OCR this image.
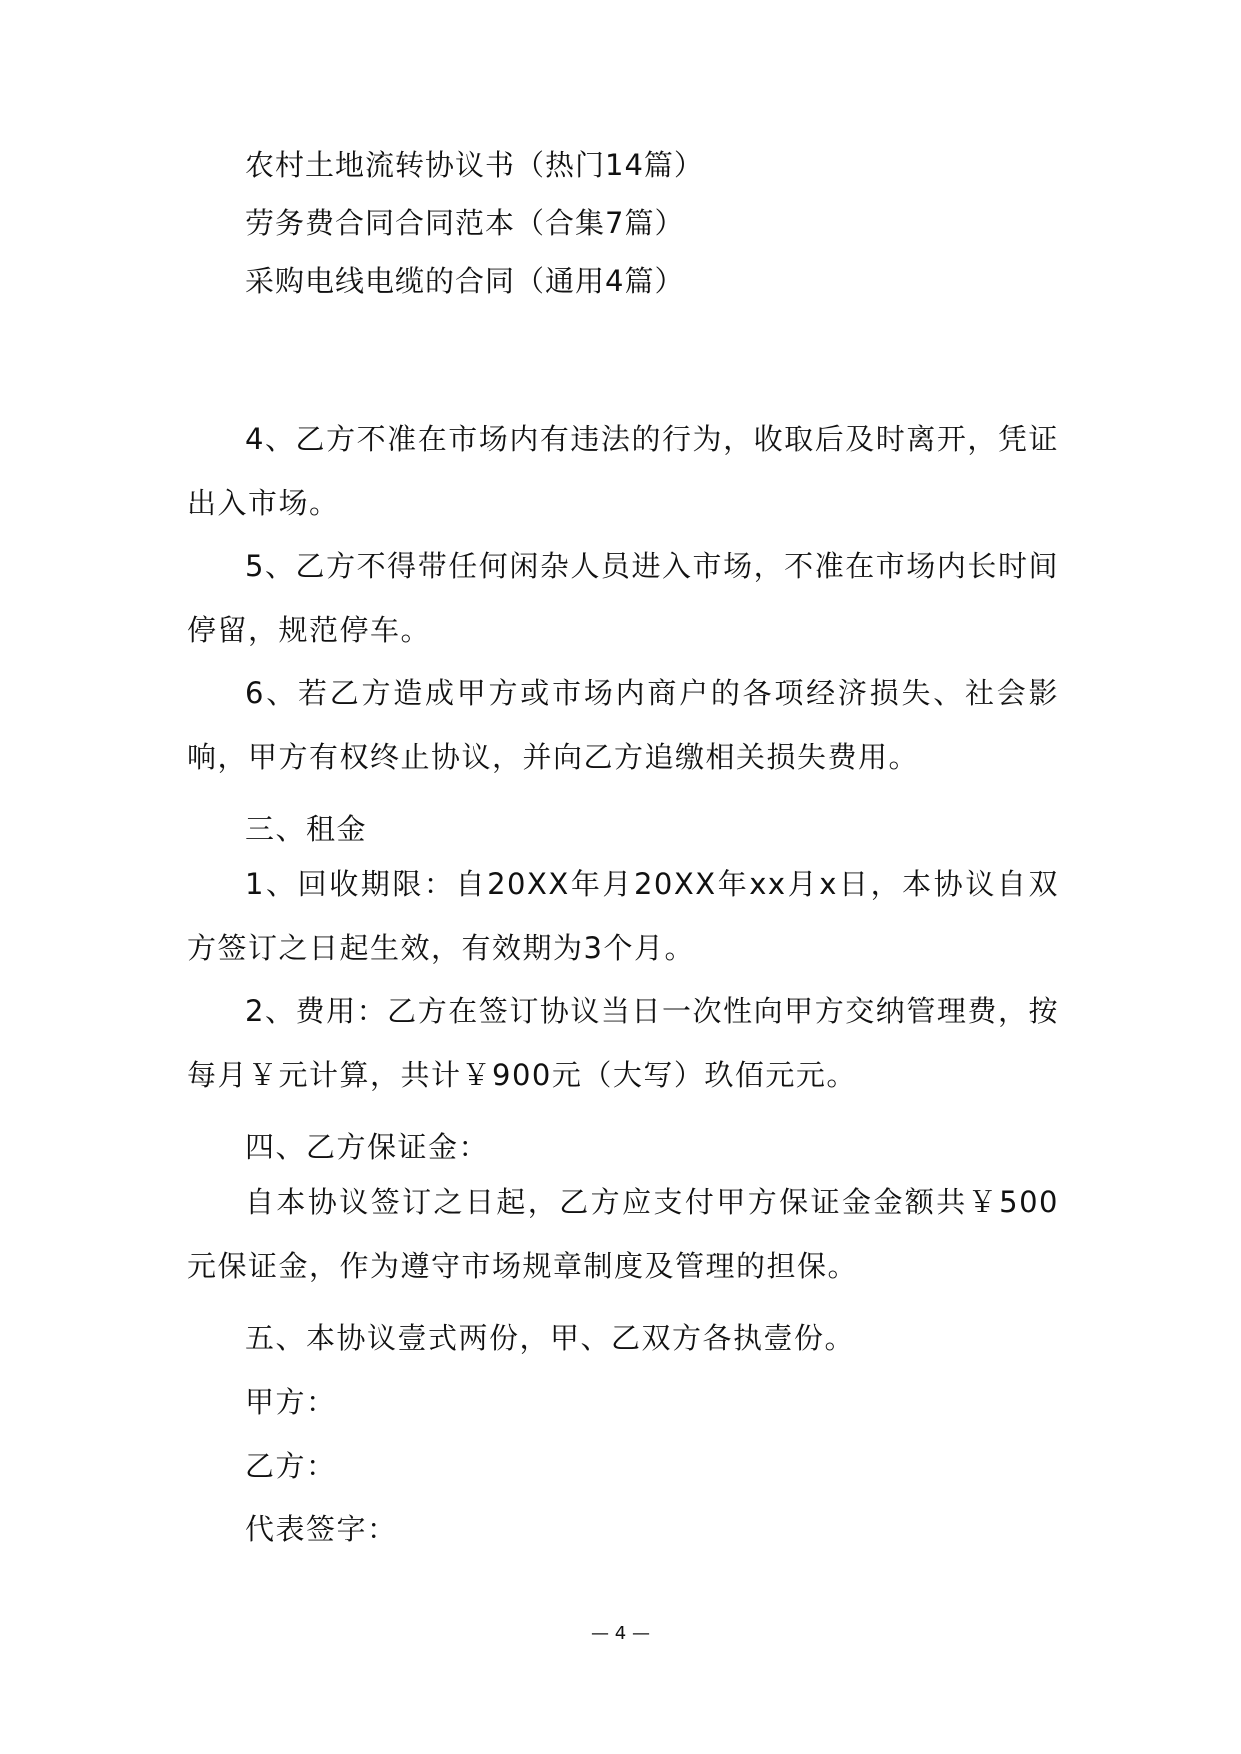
农村土地流转协议书（热门14篇）
劳务费合同合同范本（合集7篇）
采购电线电缆的合同（通用4篇）
4、乙方不准在市场内有违法的行为，收取后及时离开，凭证出入市场。
5、乙方不得带任何闲杂人员进入市场，不准在市场内长时间停留，规范停车。
6、若乙方造成甲方或市场内商户的各项经济损失、社会影响，甲方有权终止协议，并向乙方追缴相关损失费用。
三、租金
1、回收期限：自20XX年月20XX年xx月x日，本协议自双方签订之日起生效，有效期为3个月。
2、费用：乙方在签订协议当日一次性向甲方交纳管理费，按每月￥元计算，共计￥900元（大写）玖佰元元。
四、乙方保证金：
自本协议签订之日起，乙方应支付甲方保证金金额共￥500元保证金，作为遵守市场规章制度及管理的担保。
五、本协议壹式两份，甲、乙双方各执壹份。
甲方：
乙方：
代表签字：
— 4 —
